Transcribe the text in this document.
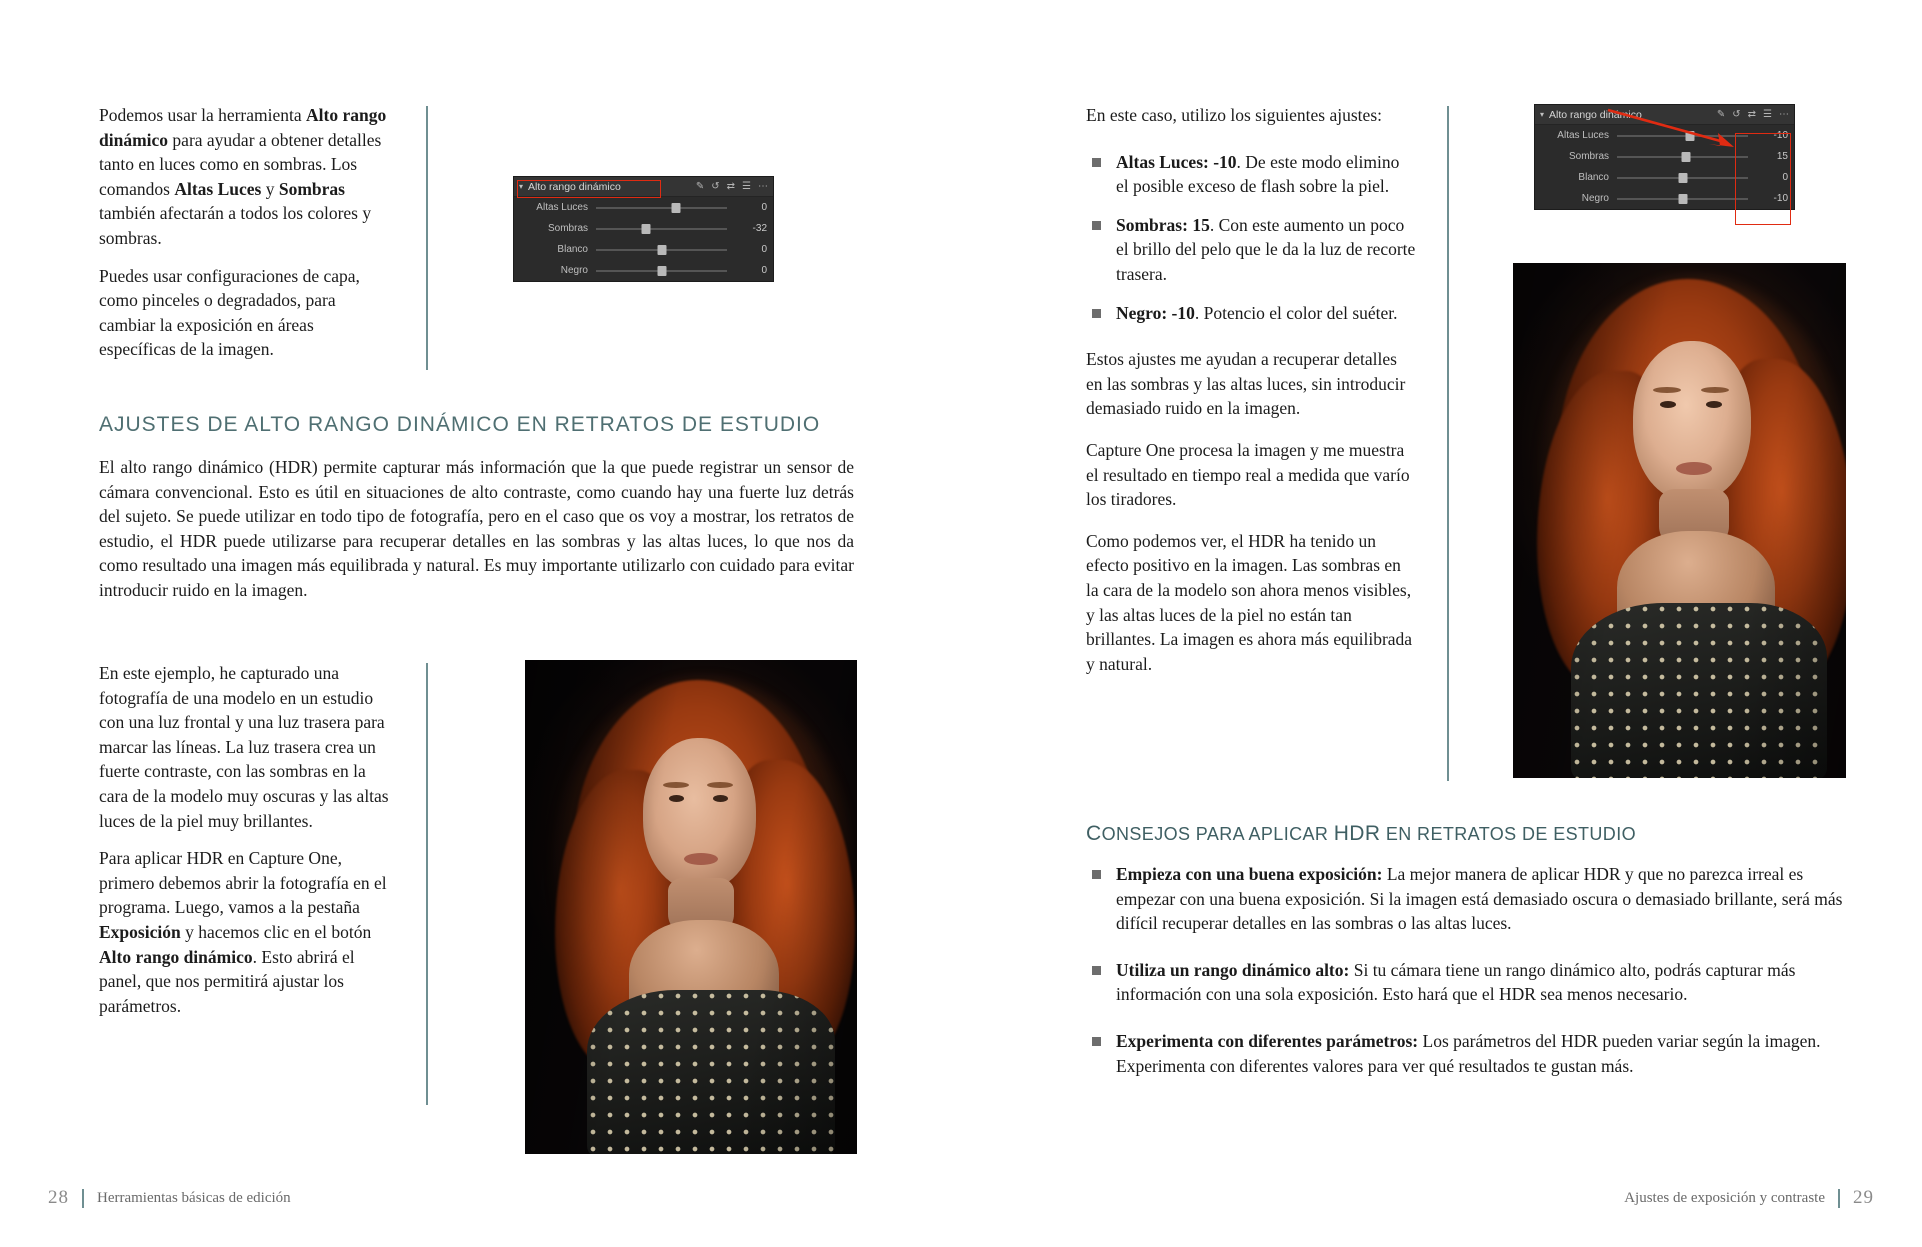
Podemos usar la herramienta Alto rango dinámico para ayudar a obtener detalles tanto en luces como en sombras. Los comandos Altas Luces y Sombras también afectarán a todos los colores y sombras.

Puedes usar configuraciones de capa, como pinceles o degradados, para cambiar la exposición en áreas específicas de la imagen.

▾ Alto rango dinámico	✎ ↺ ⇄ ☰ ⋯
Altas Luces	0
Sombras	-32
Blanco	0
Negro	0
AJUSTES DE ALTO RANGO DINÁMICO EN RETRATOS DE ESTUDIO

El alto rango dinámico (HDR) permite capturar más información que la que puede registrar un sensor de cámara convencional. Esto es útil en situaciones de alto contraste, como cuando hay una fuerte luz detrás del sujeto. Se puede utilizar en todo tipo de fotografía, pero en el caso que os voy a mostrar, los retratos de estudio, el HDR puede utilizarse para recuperar detalles en las sombras y las altas luces, lo que nos da como resultado una imagen más equilibrada y natural. Es muy importante utilizarlo con cuidado para evitar introducir ruido en la imagen.

En este ejemplo, he capturado una fotografía de una modelo en un estudio con una luz frontal y una luz trasera para marcar las líneas. La luz trasera crea un fuerte contraste, con las sombras en la cara de la modelo muy oscuras y las altas luces de la piel muy brillantes.

Para aplicar HDR en Capture One, primero debemos abrir la fotografía en el programa. Luego, vamos a la pestaña Exposición y hacemos clic en el botón Alto rango dinámico. Esto abrirá el panel, que nos permitirá ajustar los parámetros.

28 Herramientas básicas de edición

En este caso, utilizo los siguientes ajustes:

Altas Luces: -10. De este modo elimino el posible exceso de flash sobre la piel.
Sombras: 15. Con este aumento un poco el brillo del pelo que le da la luz de recorte trasera.
Negro: -10. Potencio el color del suéter.

Estos ajustes me ayudan a recuperar detalles en las sombras y las altas luces, sin introducir demasiado ruido en la imagen.

Capture One procesa la imagen y me muestra el resultado en tiempo real a medida que varío los tiradores.

Como podemos ver, el HDR ha tenido un efecto positivo en la imagen. Las sombras en la cara de la modelo son ahora menos visibles, y las altas luces de la piel no están tan brillantes. La imagen es ahora más equilibrada y natural.

▾ Alto rango dinámico	✎ ↺ ⇄ ☰ ⋯
Altas Luces	-10
Sombras	15
Blanco	0
Negro	-10
CONSEJOS PARA APLICAR HDR EN RETRATOS DE ESTUDIO
Empieza con una buena exposición: La mejor manera de aplicar HDR y que no parezca irreal es empezar con una buena exposición. Si la imagen está demasiado oscura o demasiado brillante, será más difícil recuperar detalles en las sombras o las altas luces.
Utiliza un rango dinámico alto: Si tu cámara tiene un rango dinámico alto, podrás capturar más información con una sola exposición. Esto hará que el HDR sea menos necesario.
Experimenta con diferentes parámetros: Los parámetros del HDR pueden variar según la imagen. Experimenta con diferentes valores para ver qué resultados te gustan más.
Ajustes de exposición y contraste 29
